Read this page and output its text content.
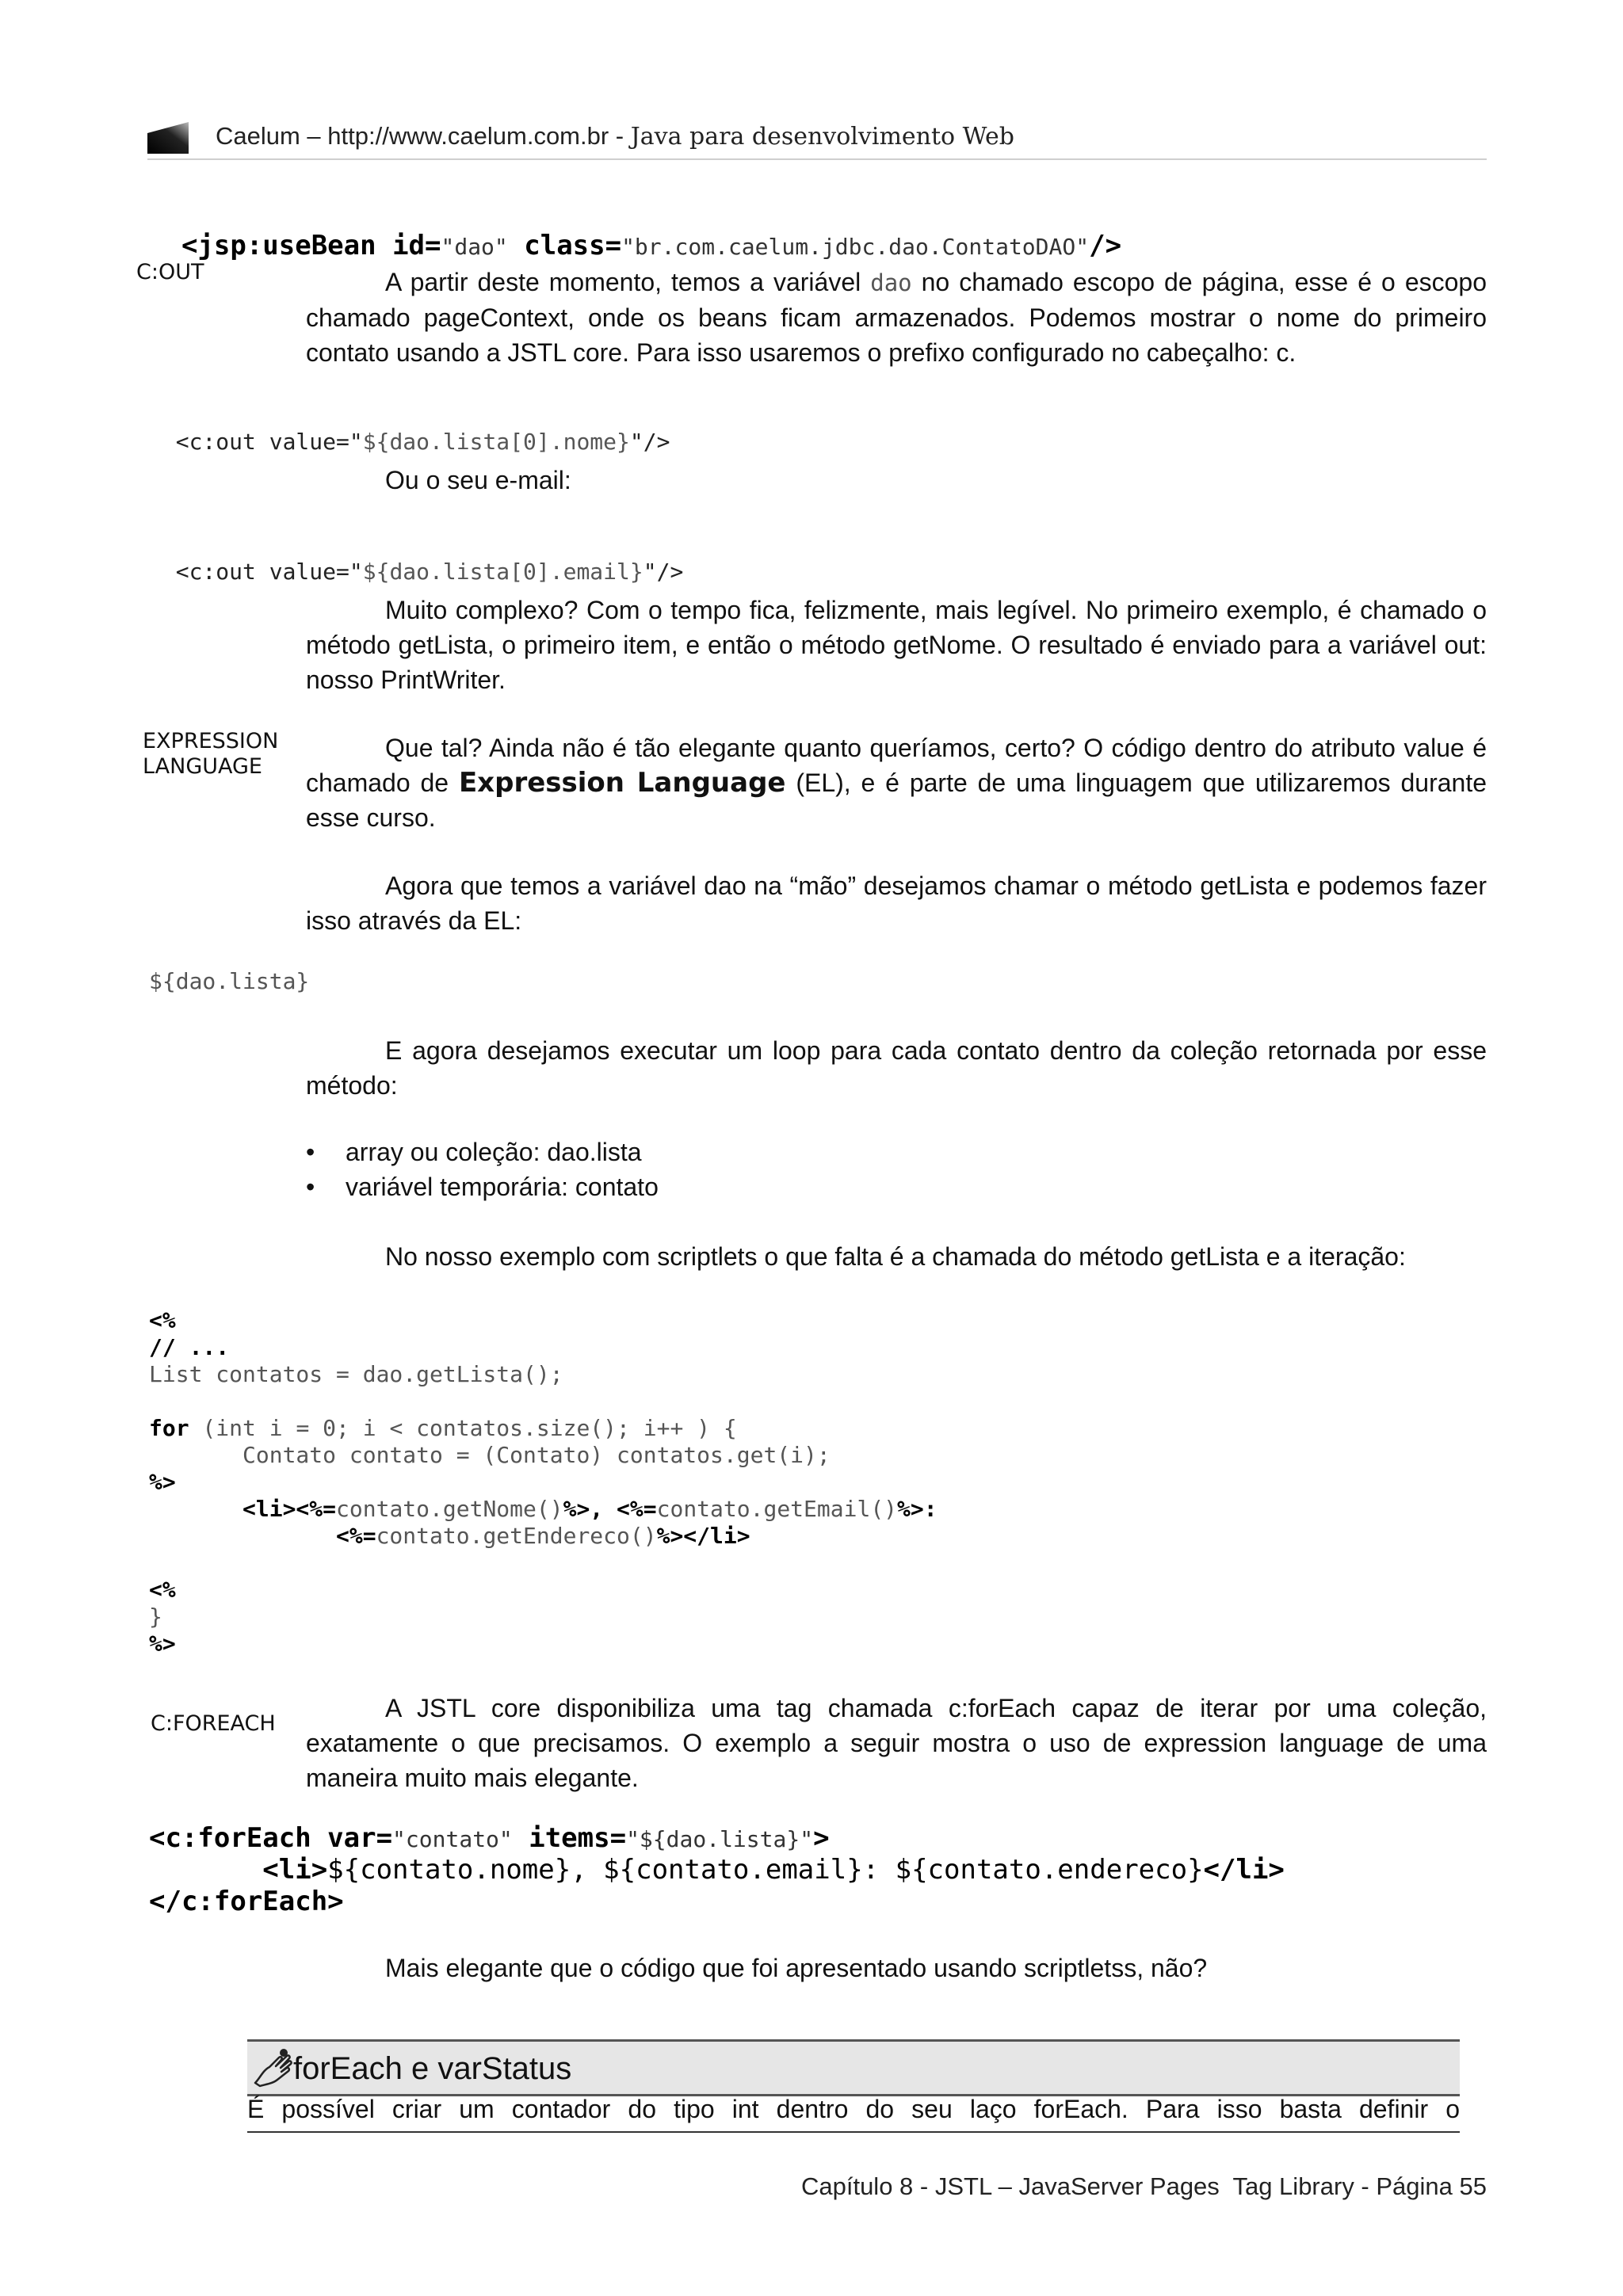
Caelum – http://www.caelum.com.br - Java para desenvolvimento Web

<jsp:useBean id="dao" class="br.com.caelum.jdbc.dao.ContatoDAO"/>

C:OUT	A partir deste momento, temos a variável dao no chamado escopo de página, esse é o escopo chamado pageContext, onde os beans ficam armazenados. Podemos mostrar o nome do primeiro contato usando a JSTL core. Para isso usaremos o prefixo configurado no cabeçalho: c.

<c:out value="${dao.lista[0].nome}"/>

Ou o seu e-mail:

<c:out value="${dao.lista[0].email}"/>

Muito complexo? Com o tempo fica, felizmente, mais legível. No primeiro exemplo, é chamado o método getLista, o primeiro item, e então o método getNome. O resultado é enviado para a variável out: nosso PrintWriter.
EXPRESSION
LANGUAGE
Que tal? Ainda não é tão elegante quanto queríamos, certo? O código dentro do atributo value é chamado de Expression Language (EL), e é parte de uma linguagem que utilizaremos durante esse curso.
Agora que temos a variável dao na “mão” desejamos chamar o método getLista e podemos fazer isso através da EL:
${dao.lista}
E agora desejamos executar um loop para cada contato dentro da coleção retornada por esse método:
• array ou coleção: dao.lista
• variável temporária: contato
No nosso exemplo com scriptlets o que falta é a chamada do método getLista e a iteração:
<%
// ...
List contatos = dao.getLista();
for (int i = 0; i < contatos.size(); i++ ) {
Contato contato = (Contato) contatos.get(i);
%>
<li><%=contato.getNome()%>, <%=contato.getEmail()%>:
<%=contato.getEndereco()%></li>
<%
}
%>
C:FOREACH
A JSTL core disponibiliza uma tag chamada c:forEach capaz de iterar por uma coleção, exatamente o que precisamos. O exemplo a seguir mostra o uso de expression language de uma maneira muito mais elegante.
<c:forEach var="contato" items="${dao.lista}">
<li>${contato.nome}, ${contato.email}: ${contato.endereco}</li>
</c:forEach>
Mais elegante que o código que foi apresentado usando scriptletss, não?
forEach e varStatus
É possível criar um contador do tipo int dentro do seu laço forEach. Para isso basta definir o
Capítulo 8 - JSTL – JavaServer Pages  Tag Library - Página 55
